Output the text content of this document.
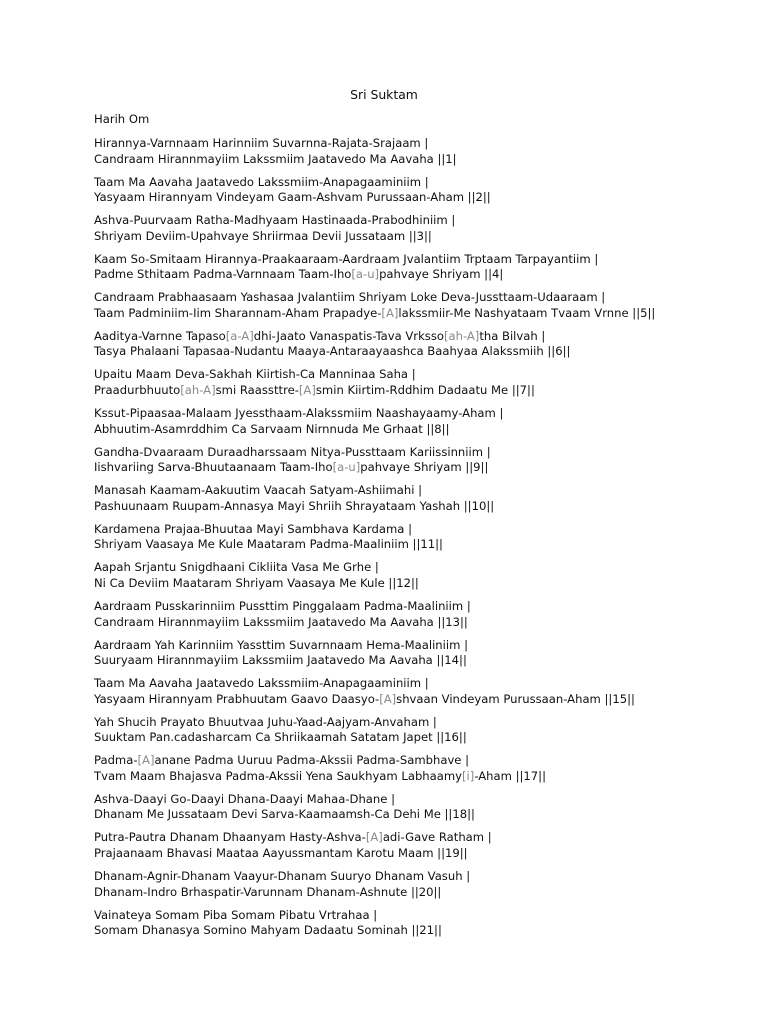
Sri Suktam
Harih Om
Hirannya-Varnnaam Harinniim Suvarnna-Rajata-Srajaam |
Candraam Hirannmayiim Lakssmiim Jaatavedo Ma Aavaha ||1|
Taam Ma Aavaha Jaatavedo Lakssmiim-Anapagaaminiim |
Yasyaam Hirannyam Vindeyam Gaam-Ashvam Purussaan-Aham ||2||
Ashva-Puurvaam Ratha-Madhyaam Hastinaada-Prabodhiniim |
Shriyam Deviim-Upahvaye Shriirmaa Devii Jussataam ||3||
Kaam So-Smitaam Hirannya-Praakaaraam-Aardraam Jvalantiim Trptaam Tarpayantiim |
Padme Sthitaam Padma-Varnnaam Taam-Iho[a-u]pahvaye Shriyam ||4|
Candraam Prabhaasaam Yashasaa Jvalantiim Shriyam Loke Deva-Jussttaam-Udaaraam |
Taam Padminiim-Iim Sharannam-Aham Prapadye-[A]lakssmiir-Me Nashyataam Tvaam Vrnne ||5||
Aaditya-Varnne Tapaso[a-A]dhi-Jaato Vanaspatis-Tava Vrksso[ah-A]tha Bilvah |
Tasya Phalaani Tapasaa-Nudantu Maaya-Antaraayaashca Baahyaa Alakssmiih ||6||
Upaitu Maam Deva-Sakhah Kiirtish-Ca Manninaa Saha |
Praadurbhuuto[ah-A]smi Raassttre-[A]smin Kiirtim-Rddhim Dadaatu Me ||7||
Kssut-Pipaasaa-Malaam Jyessthaam-Alakssmiim Naashayaamy-Aham |
Abhuutim-Asamrddhim Ca Sarvaam Nirnnuda Me Grhaat ||8||
Gandha-Dvaaraam Duraadharssaam Nitya-Pussttaam Kariissinniim |
Iishvariing Sarva-Bhuutaanaam Taam-Iho[a-u]pahvaye Shriyam ||9||
Manasah Kaamam-Aakuutim Vaacah Satyam-Ashiimahi |
Pashuunaam Ruupam-Annasya Mayi Shriih Shrayataam Yashah ||10||
Kardamena Prajaa-Bhuutaa Mayi Sambhava Kardama |
Shriyam Vaasaya Me Kule Maataram Padma-Maaliniim ||11||
Aapah Srjantu Snigdhaani Cikliita Vasa Me Grhe |
Ni Ca Deviim Maataram Shriyam Vaasaya Me Kule ||12||
Aardraam Pusskarinniim Pussttim Pinggalaam Padma-Maaliniim |
Candraam Hirannmayiim Lakssmiim Jaatavedo Ma Aavaha ||13||
Aardraam Yah Karinniim Yassttim Suvarnnaam Hema-Maaliniim |
Suuryaam Hirannmayiim Lakssmiim Jaatavedo Ma Aavaha ||14||
Taam Ma Aavaha Jaatavedo Lakssmiim-Anapagaaminiim |
Yasyaam Hirannyam Prabhuutam Gaavo Daasyo-[A]shvaan Vindeyam Purussaan-Aham ||15||
Yah Shucih Prayato Bhuutvaa Juhu-Yaad-Aajyam-Anvaham |
Suuktam Pan.cadasharcam Ca Shriikaamah Satatam Japet ||16||
Padma-[A]anane Padma Uuruu Padma-Akssii Padma-Sambhave |
Tvam Maam Bhajasva Padma-Akssii Yena Saukhyam Labhaamy[i]-Aham ||17||
Ashva-Daayi Go-Daayi Dhana-Daayi Mahaa-Dhane |
Dhanam Me Jussataam Devi Sarva-Kaamaamsh-Ca Dehi Me ||18||
Putra-Pautra Dhanam Dhaanyam Hasty-Ashva-[A]adi-Gave Ratham |
Prajaanaam Bhavasi Maataa Aayussmantam Karotu Maam ||19||
Dhanam-Agnir-Dhanam Vaayur-Dhanam Suuryo Dhanam Vasuh |
Dhanam-Indro Brhaspatir-Varunnam Dhanam-Ashnute ||20||
Vainateya Somam Piba Somam Pibatu Vrtrahaa |
Somam Dhanasya Somino Mahyam Dadaatu Sominah ||21||
